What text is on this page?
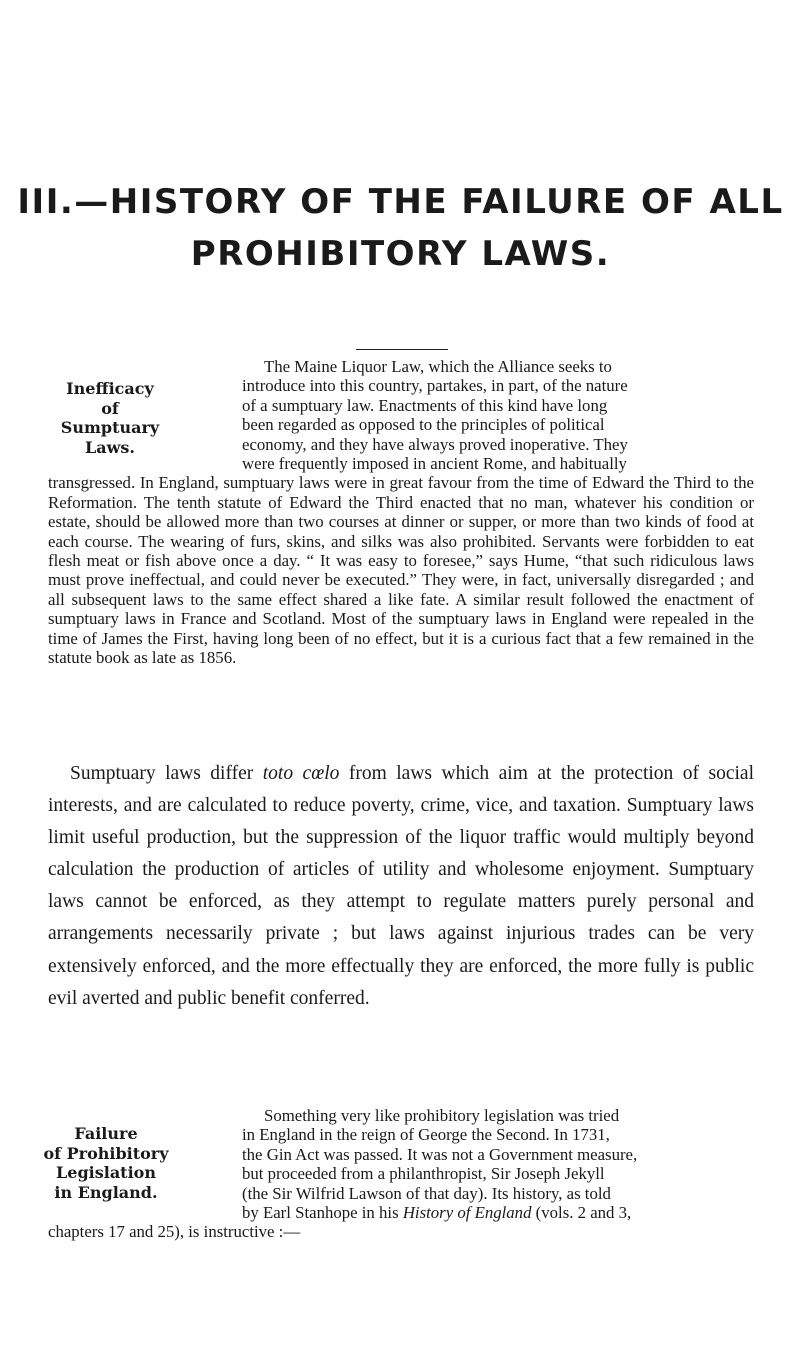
III.—HISTORY OF THE FAILURE OF ALL
PROHIBITORY LAWS.
Inefficacy
of
Sumptuary
Laws.
The Maine Liquor Law, which the Alliance seeks to
introduce into this country, partakes, in part, of the nature
of a sumptuary law. Enactments of this kind have long
been regarded as opposed to the principles of political
economy, and they have always proved inoperative. They
were frequently imposed in ancient Rome, and habitually

transgressed. In England, sumptuary laws were in great favour from the time of Edward the Third to the Reformation. The tenth statute of Edward the Third enacted that no man, whatever his condition or estate, should be allowed more than two courses at dinner or supper, or more than two kinds of food at each course. The wearing of furs, skins, and silks was also prohibited. Servants were forbidden to eat flesh meat or fish above once a day. “ It was easy to foresee,” says Hume, “that such ridiculous laws must prove ineffectual, and could never be executed.” They were, in fact, universally disregarded ; and all subsequent laws to the same effect shared a like fate. A similar result followed the enactment of sumptuary laws in France and Scotland. Most of the sumptuary laws in England were repealed in the time of James the First, having long been of no effect, but it is a curious fact that a few remained in the statute book as late as 1856.

Sumptuary laws differ toto cœlo from laws which aim at the protection of social interests, and are calculated to reduce poverty, crime, vice, and taxation. Sumptuary laws limit useful production, but the suppression of the liquor traffic would multiply beyond calculation the production of articles of utility and wholesome enjoyment. Sumptuary laws cannot be enforced, as they attempt to regulate matters purely personal and arrangements necessarily private ; but laws against injurious trades can be very extensively enforced, and the more effectually they are enforced, the more fully is public evil averted and public benefit conferred.

Failure
of Prohibitory
Legislation
in England.
Something very like prohibitory legislation was tried
in England in the reign of George the Second. In 1731,
the Gin Act was passed. It was not a Government measure,
but proceeded from a philanthropist, Sir Joseph Jekyll
(the Sir Wilfrid Lawson of that day). Its history, as told
by Earl Stanhope in his History of England (vols. 2 and 3,
chapters 17 and 25), is instructive :—
